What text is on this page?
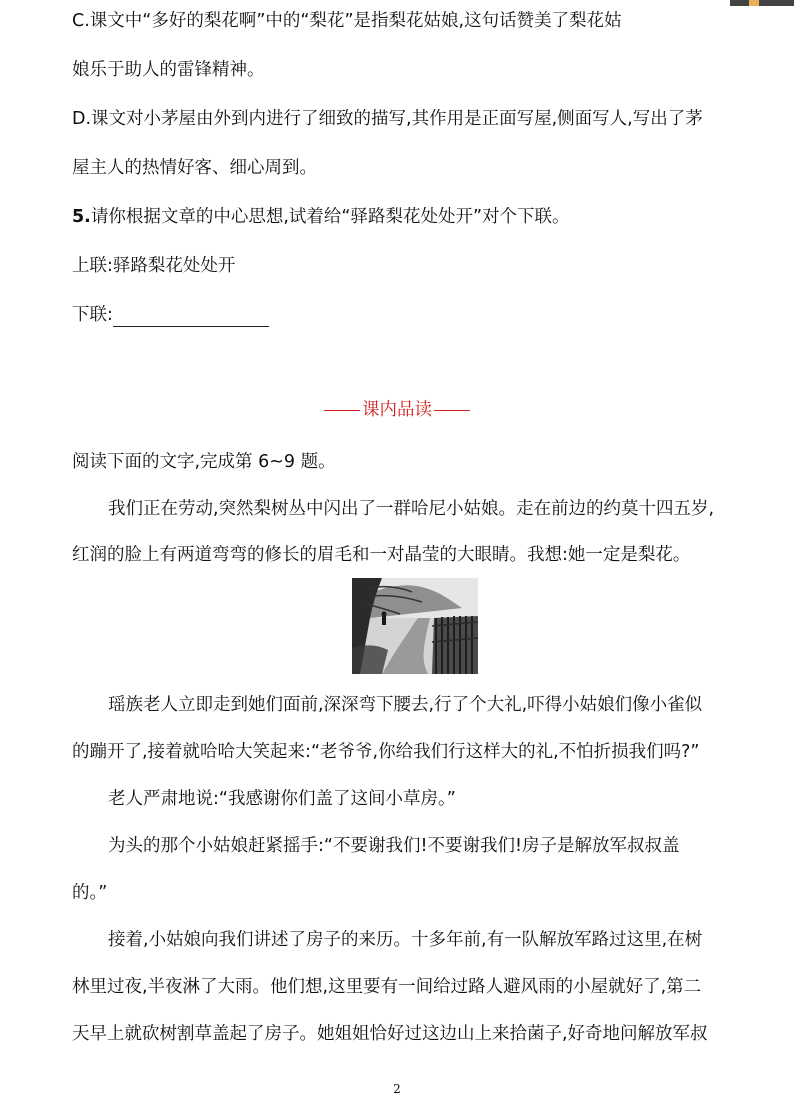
C.课文中“多好的梨花啊”中的“梨花”是指梨花姑娘,这句话赞美了梨花姑
娘乐于助人的雷锋精神。
D.课文对小茅屋由外到内进行了细致的描写,其作用是正面写屋,侧面写人,写出了茅
屋主人的热情好客、细心周到。
5.请你根据文章的中心思想,试着给“驿路梨花处处开”对个下联。
上联:驿路梨花处处开
下联:
课内品读
阅读下面的文字,完成第 6~9 题。
我们正在劳动,突然梨树丛中闪出了一群哈尼小姑娘。走在前边的约莫十四五岁,
红润的脸上有两道弯弯的修长的眉毛和一对晶莹的大眼睛。我想:她一定是梨花。
瑶族老人立即走到她们面前,深深弯下腰去,行了个大礼,吓得小姑娘们像小雀似
的蹦开了,接着就哈哈大笑起来:“老爷爷,你给我们行这样大的礼,不怕折损我们吗?”
老人严肃地说:“我感谢你们盖了这间小草房。”
为头的那个小姑娘赶紧摇手:“不要谢我们!不要谢我们!房子是解放军叔叔盖
的。”
接着,小姑娘向我们讲述了房子的来历。十多年前,有一队解放军路过这里,在树
林里过夜,半夜淋了大雨。他们想,这里要有一间给过路人避风雨的小屋就好了,第二
天早上就砍树割草盖起了房子。她姐姐恰好过这边山上来拾菌子,好奇地问解放军叔
2
